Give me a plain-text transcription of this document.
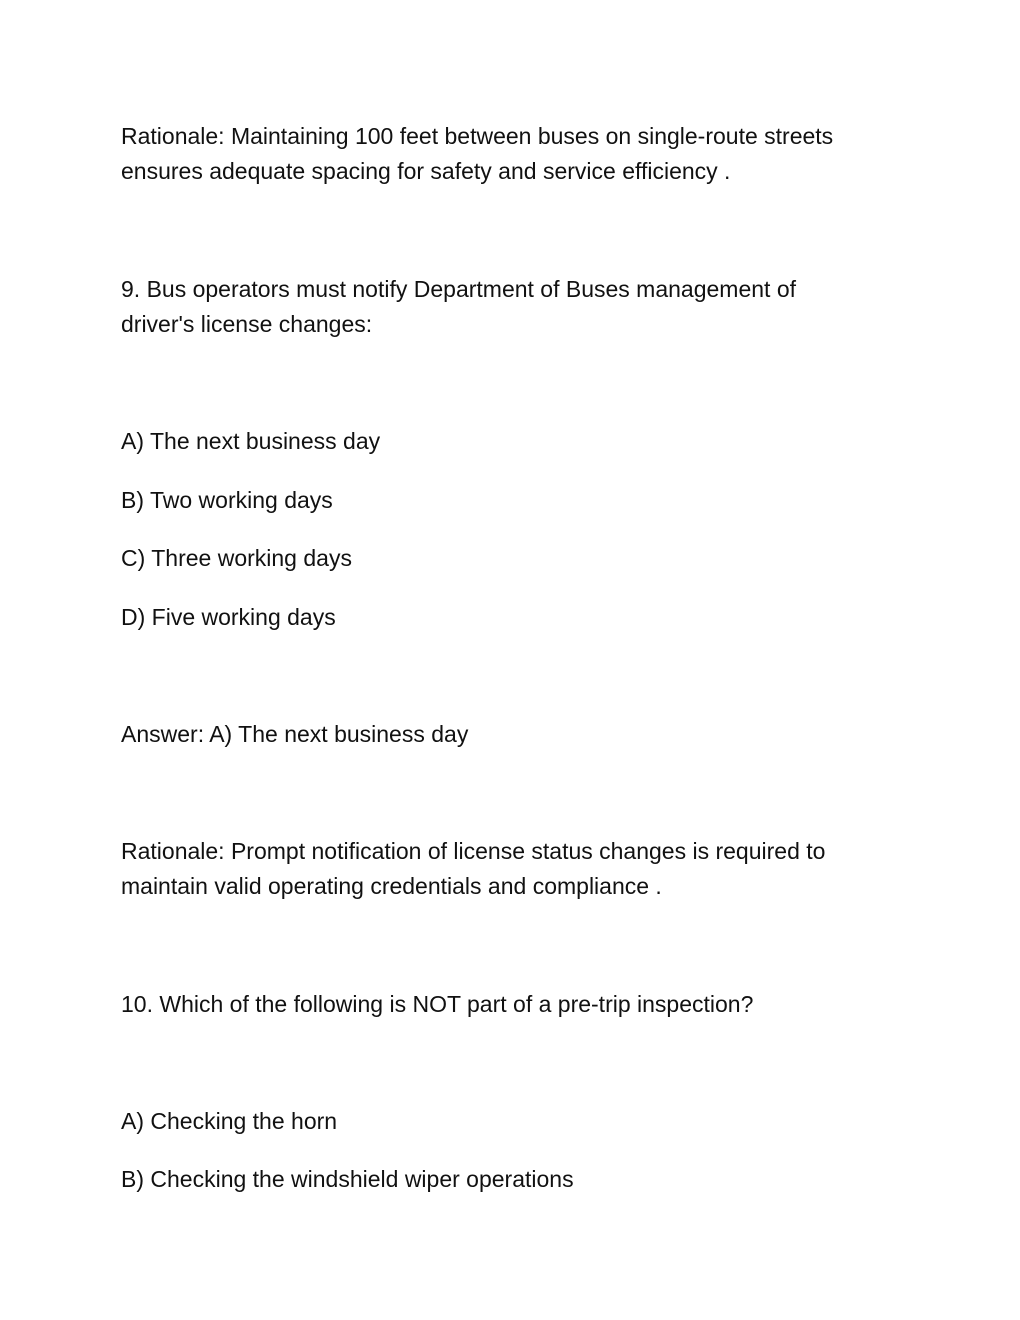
Rationale: Maintaining 100 feet between buses on single-route streets
ensures adequate spacing for safety and service efficiency .
9. Bus operators must notify Department of Buses management of
driver's license changes:
A) The next business day
B) Two working days
C) Three working days
D) Five working days
Answer: A) The next business day
Rationale: Prompt notification of license status changes is required to
maintain valid operating credentials and compliance .
10. Which of the following is NOT part of a pre-trip inspection?
A) Checking the horn
B) Checking the windshield wiper operations
